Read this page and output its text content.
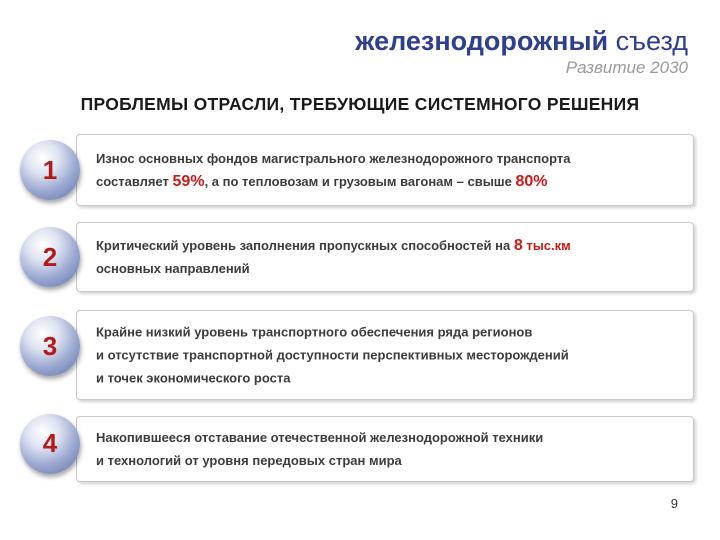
железнодорожный съезд
Развитие 2030
ПРОБЛЕМЫ ОТРАСЛИ, ТРЕБУЮЩИЕ СИСТЕМНОГО РЕШЕНИЯ
1	Износ основных фондов магистрального железнодорожного транспорта
составляет 59%, а по тепловозам и грузовым вагонам – свыше 80%
2	Критический уровень заполнения пропускных способностей на 8 тыс.км
основных направлений
3	Крайне низкий уровень транспортного обеспечения ряда регионов
и отсутствие транспортной доступности перспективных месторождений
и точек экономического роста
4	Накопившееся отставание отечественной железнодорожной техники
и технологий от уровня передовых стран мира
9
